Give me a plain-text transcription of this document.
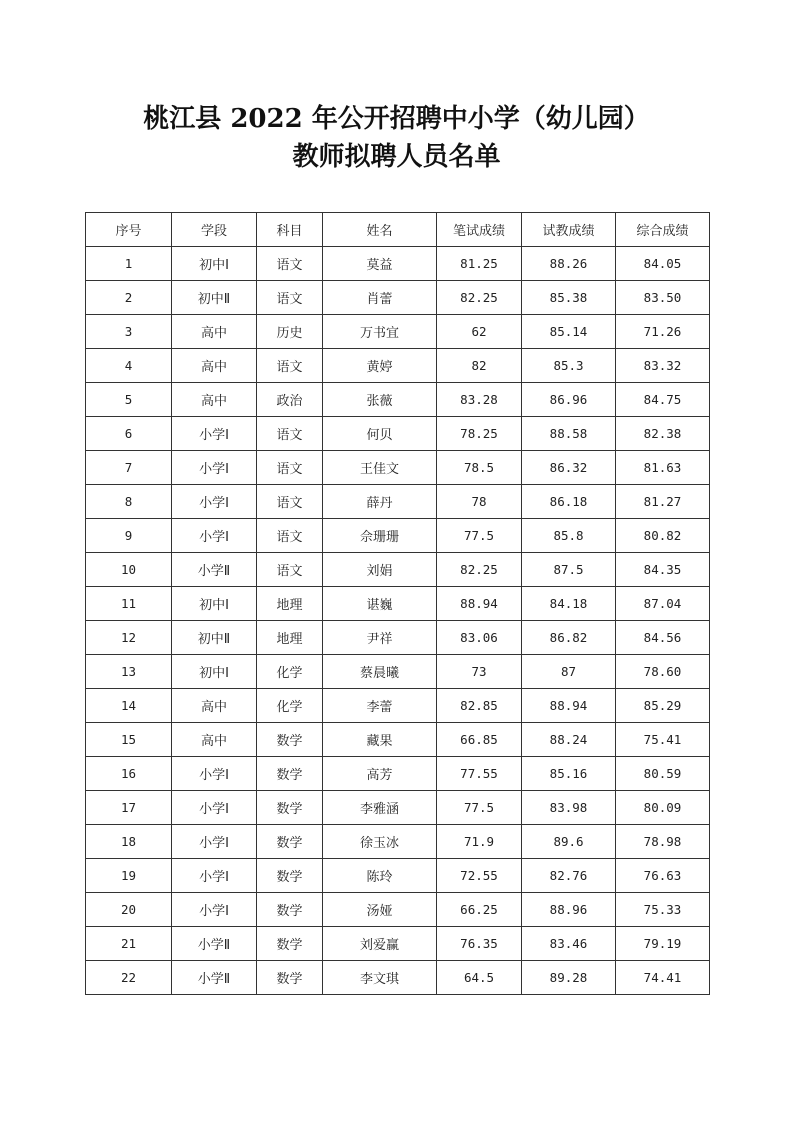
桃江县 2022 年公开招聘中小学（幼儿园）
教师拟聘人员名单
序号	学段	科目	姓名	笔试成绩	试教成绩	综合成绩
1	初中Ⅰ	语文	莫益	81.25	88.26	84.05
2	初中Ⅱ	语文	肖蕾	82.25	85.38	83.50
3	高中	历史	万书宜	62	85.14	71.26
4	高中	语文	黄婷	82	85.3	83.32
5	高中	政治	张薇	83.28	86.96	84.75
6	小学Ⅰ	语文	何贝	78.25	88.58	82.38
7	小学Ⅰ	语文	王佳文	78.5	86.32	81.63
8	小学Ⅰ	语文	薛丹	78	86.18	81.27
9	小学Ⅰ	语文	佘珊珊	77.5	85.8	80.82
10	小学Ⅱ	语文	刘娟	82.25	87.5	84.35
11	初中Ⅰ	地理	谌巍	88.94	84.18	87.04
12	初中Ⅱ	地理	尹祥	83.06	86.82	84.56
13	初中Ⅰ	化学	蔡晨曦	73	87	78.60
14	高中	化学	李蕾	82.85	88.94	85.29
15	高中	数学	藏果	66.85	88.24	75.41
16	小学Ⅰ	数学	高芳	77.55	85.16	80.59
17	小学Ⅰ	数学	李雅涵	77.5	83.98	80.09
18	小学Ⅰ	数学	徐玉冰	71.9	89.6	78.98
19	小学Ⅰ	数学	陈玲	72.55	82.76	76.63
20	小学Ⅰ	数学	汤娅	66.25	88.96	75.33
21	小学Ⅱ	数学	刘爱赢	76.35	83.46	79.19
22	小学Ⅱ	数学	李文琪	64.5	89.28	74.41
